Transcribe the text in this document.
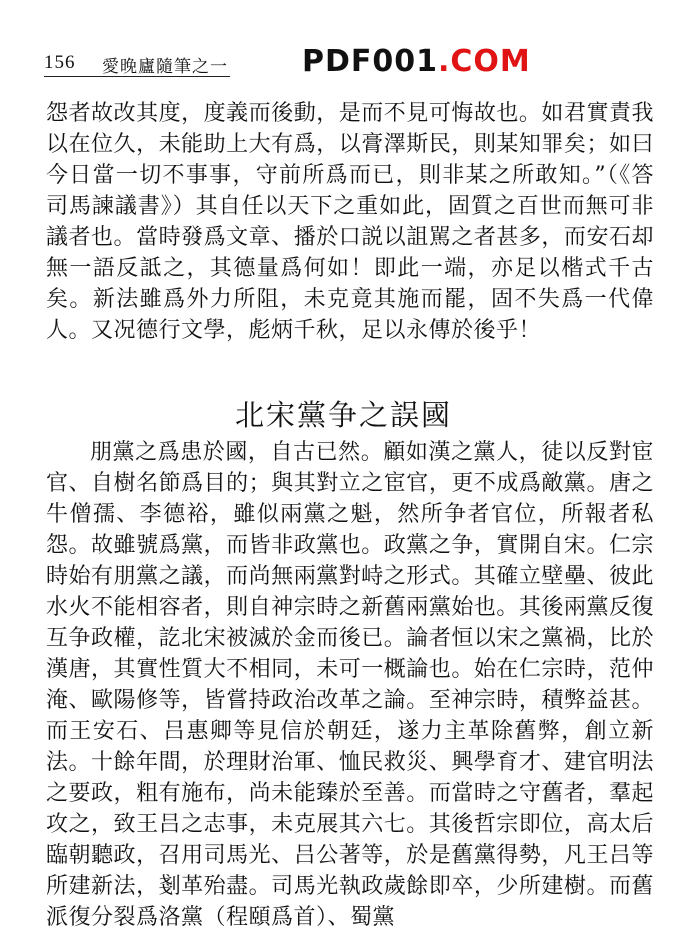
156 愛晚廬隨筆之一 PDF001.COM

怨者故改其度，度義而後動，是而不見可悔故也。如君實責我以在位久，未能助上大有爲，以膏澤斯民，則某知罪矣；如曰今日當一切不事事，守前所爲而已，則非某之所敢知。”（《答司馬諫議書》）其自任以天下之重如此，固質之百世而無可非議者也。當時發爲文章、播於口説以詛駡之者甚多，而安石却無一語反詆之，其德量爲何如！即此一端，亦足以楷式千古矣。新法雖爲外力所阻，未克竟其施而罷，固不失爲一代偉人。又况德行文學，彪炳千秋，足以永傳於後乎！

北宋黨争之誤國

朋黨之爲患於國，自古已然。顧如漢之黨人，徒以反對宦官、自樹名節爲目的；與其對立之宦官，更不成爲敵黨。唐之牛僧孺、李德裕，雖似兩黨之魁，然所争者官位，所報者私怨。故雖號爲黨，而皆非政黨也。政黨之争，實開自宋。仁宗時始有朋黨之議，而尚無兩黨對峙之形式。其確立壁壘、彼此水火不能相容者，則自神宗時之新舊兩黨始也。其後兩黨反復互争政權，訖北宋被滅於金而後已。論者恒以宋之黨禍，比於漢唐，其實性質大不相同，未可一概論也。始在仁宗時，范仲淹、歐陽修等，皆嘗持政治改革之論。至神宗時，積弊益甚。而王安石、吕惠卿等見信於朝廷，遂力主革除舊弊，創立新法。十餘年間，於理財治軍、恤民救災、興學育才、建官明法之要政，粗有施布，尚未能臻於至善。而當時之守舊者，羣起攻之，致王吕之志事，未克展其六七。其後哲宗即位，高太后臨朝聽政，召用司馬光、吕公著等，於是舊黨得勢，凡王吕等所建新法，剗革殆盡。司馬光執政歲餘即卒，少所建樹。而舊派復分裂爲洛黨（程頤爲首）、蜀黨
